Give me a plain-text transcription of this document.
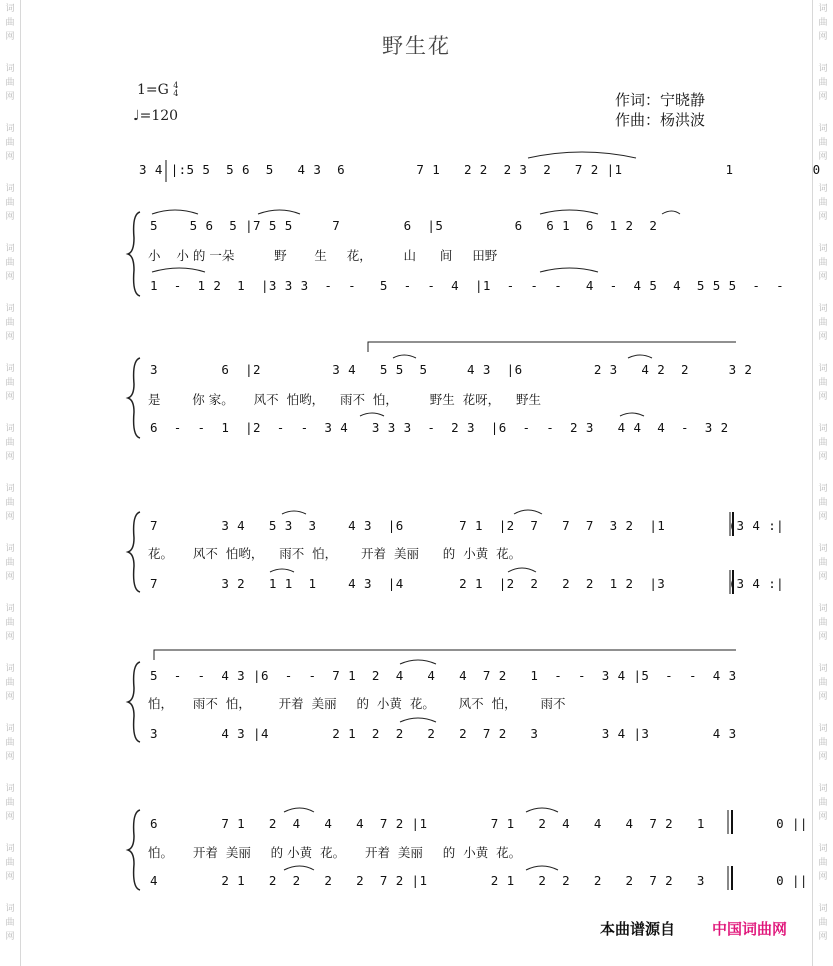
词
曲
网
词
曲
网
词
曲
网
词
曲
网
词
曲
网
词
曲
网
词
曲
网
词
曲
网
词
曲
网
词
曲
网
词
曲
网
词
曲
网
词
曲
网
词
曲
网
词
曲
网
词
曲
网
词
曲
网
词
曲
网
词
曲
网
词
曲
网
词
曲
网
词
曲
网
词
曲
网
词
曲
网
词
曲
网
词
曲
网
词
曲
网
词
曲
网
词
曲
网
词
曲
网
词
曲
网
词
曲
网
野生花
1=G 4
4
♩=120
作词：宁晓静
作曲：杨洪波
3 4 |:5 5  5 6  5   4 3  6         7 1   2 2  2 3  2   7 2 |1             1          0
5    5 6  5 |7 5 5     7        6  |5         6   6 1  6  1 2  2
小    小 的 一朵          野       生     花，        山      间     田野
1  -  1 2  1  |3 3 3  -  -   5  -  -  4  |1  -  -  -   4  -  4 5  4  5 5 5  -  -
3        6  |2         3 4   5 5  5     4 3  |6         2 3   4 2  2     3 2
是        你 家。     风不  怕哟，    雨不  怕，        野生  花呀，    野生
6  -  -  1  |2  -  -  3 4   3 3 3  -  2 3  |6  -  -  2 3   4 4  4  -  3 2
7        3 4   5 3  3    4 3  |6       7 1  |2  7   7  7  3 2  |1        (3 4 :|
花。     风不  怕哟，    雨不  怕，      开着  美丽      的  小黄  花。
7        3 2   1 1  1    4 3  |4       2 1  |2  2   2  2  1 2  |3        (3 4 :|
5  -  -  4 3 |6  -  -  7 1  2  4   4   4  7 2   1  -  -  3 4 |5  -  -  4 3
怕，     雨不  怕，       开着  美丽     的  小黄  花。      风不  怕，      雨不
3        4 3 |4        2 1  2  2   2   2  7 2   3        3 4 |3        4 3
6        7 1   2  4   4   4  7 2 |1        7 1   2  4   4   4  7 2   1         0 ||
怕。     开着  美丽     的 小黄  花。     开着  美丽     的  小黄  花。
4        2 1   2  2   2   2  7 2 |1        2 1   2  2   2   2  7 2   3         0 ||
本曲谱源自 中国词曲网
